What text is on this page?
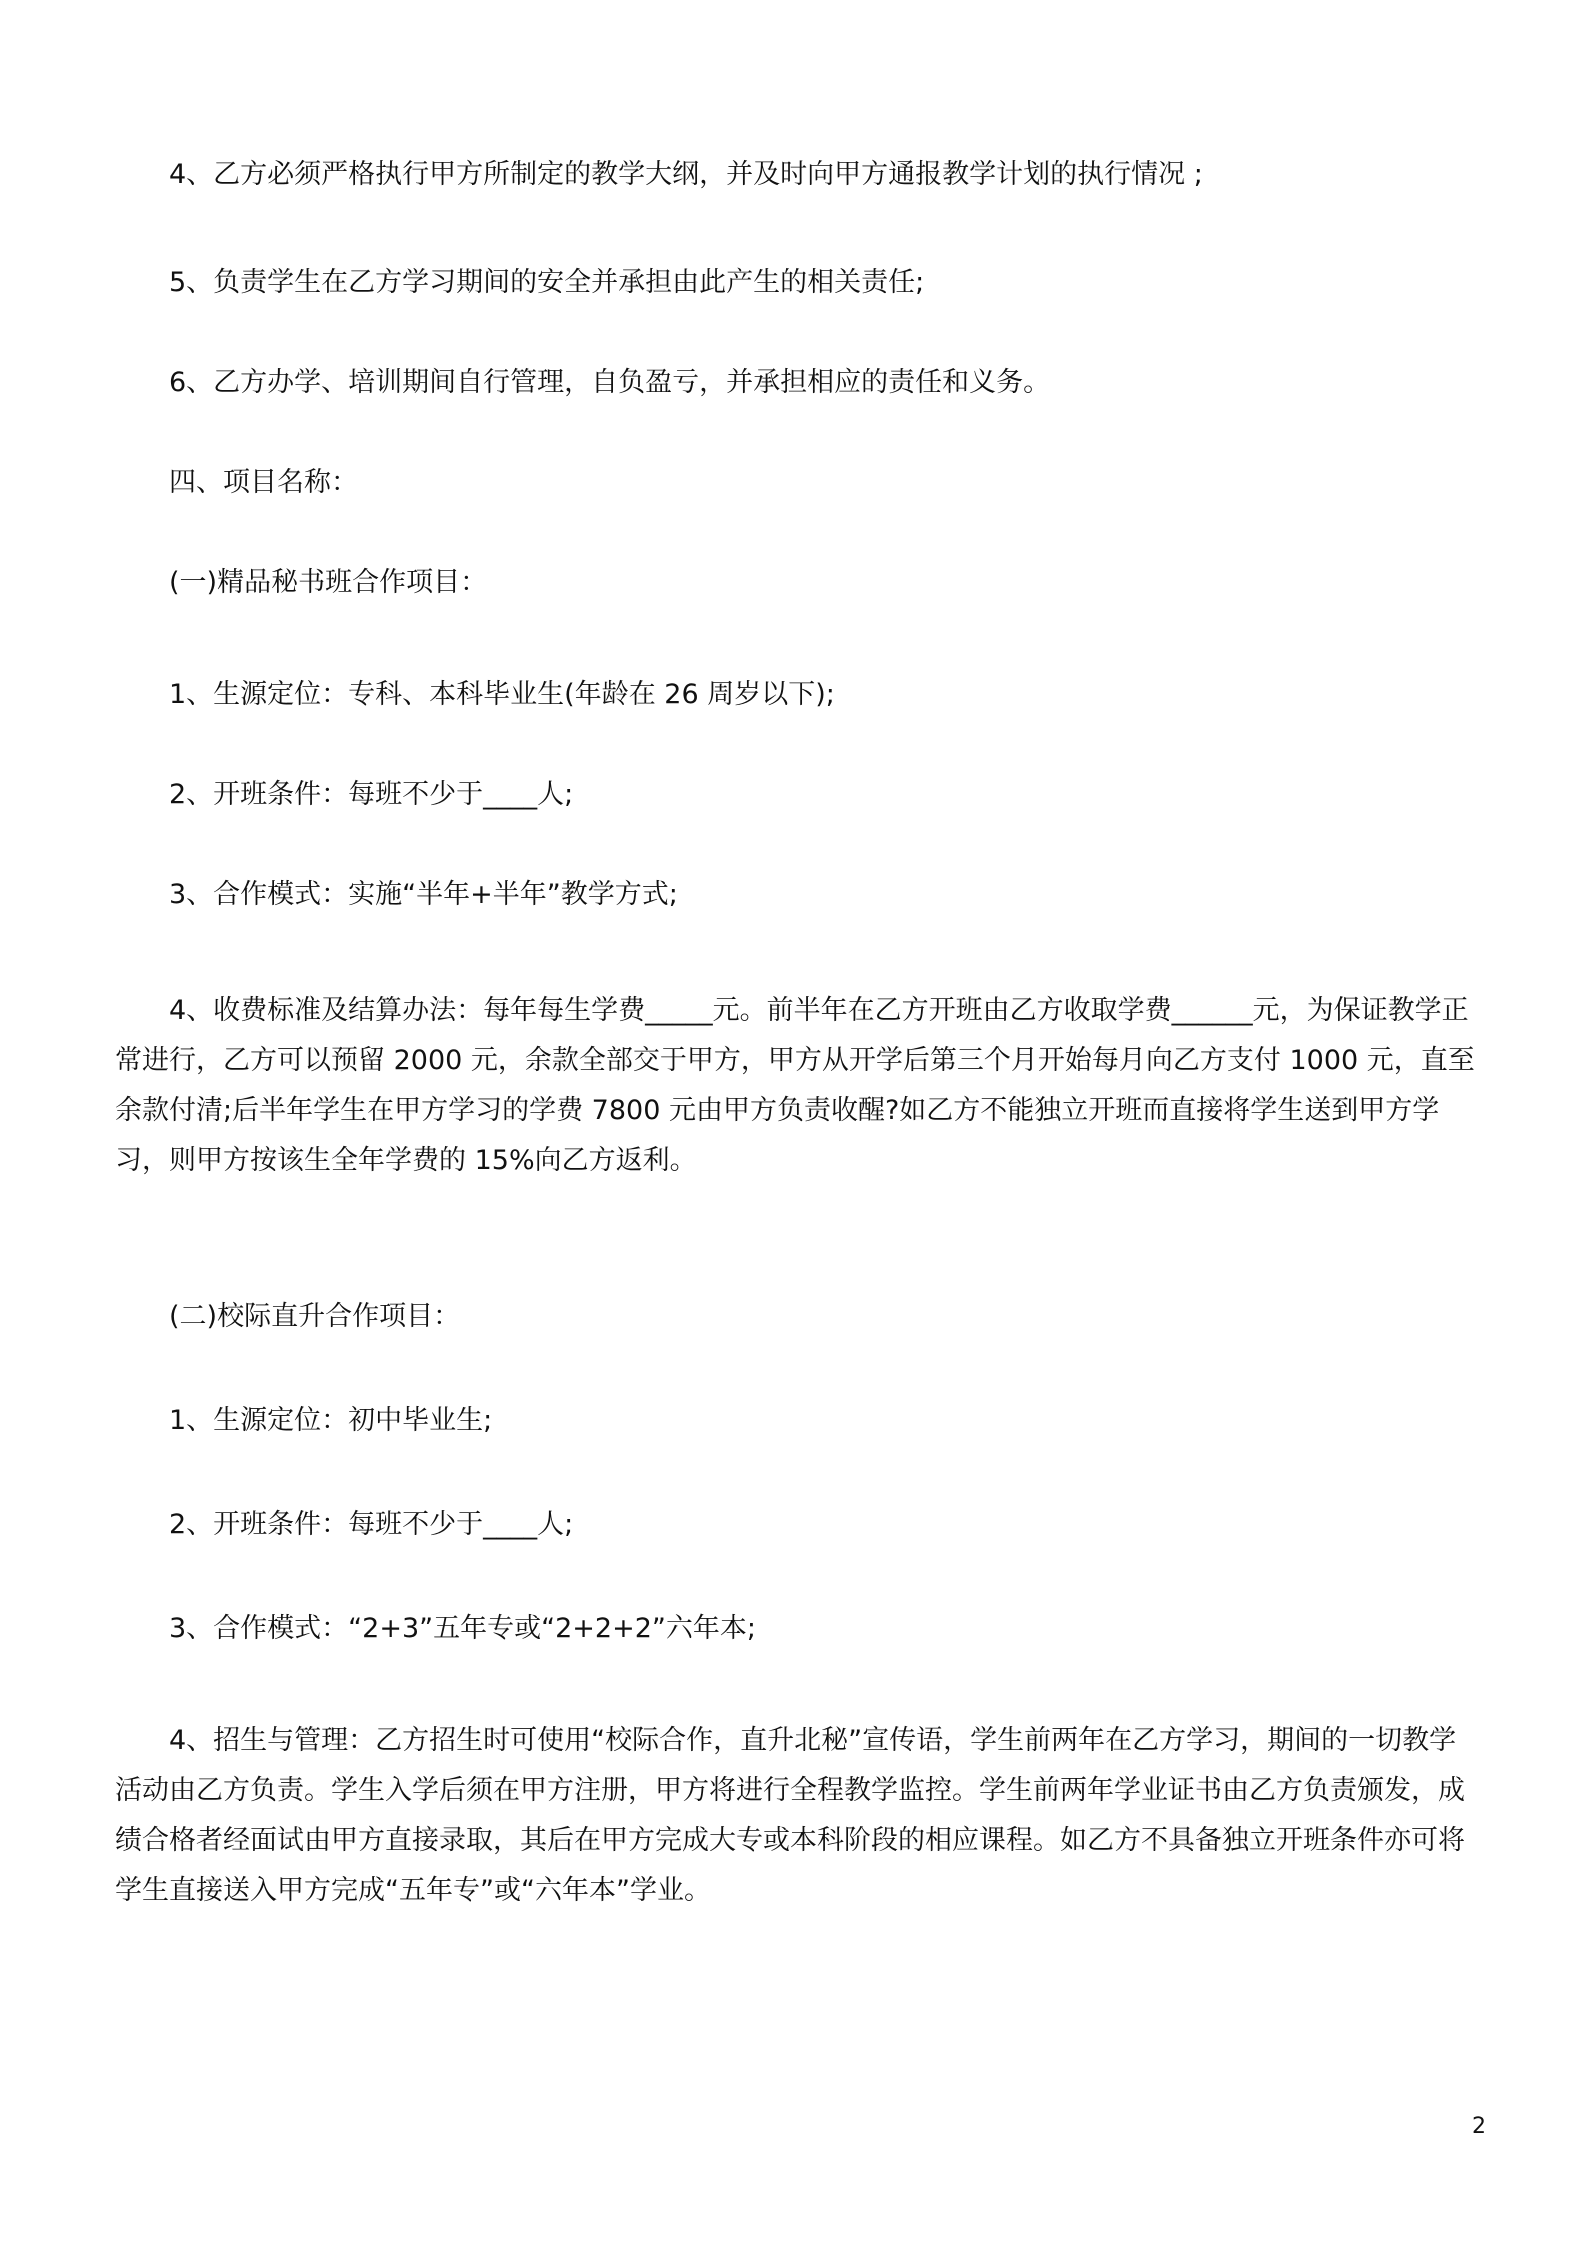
4、乙方必须严格执行甲方所制定的教学大纲，并及时向甲方通报教学计划的执行情况 ;

5、负责学生在乙方学习期间的安全并承担由此产生的相关责任;

6、乙方办学、培训期间自行管理，自负盈亏，并承担相应的责任和义务。

四、项目名称：

(一)精品秘书班合作项目：

1、生源定位：专科、本科毕业生(年龄在 26 周岁以下);

2、开班条件：每班不少于____人;

3、合作模式：实施“半年+半年”教学方式;

4、收费标准及结算办法：每年每生学费_____元。前半年在乙方开班由乙方收取学费______元，为保证教学正常进行，乙方可以预留 2000 元，余款全部交于甲方，甲方从开学后第三个月开始每月向乙方支付 1000 元，直至余款付清;后半年学生在甲方学习的学费 7800 元由甲方负责收醒?如乙方不能独立开班而直接将学生送到甲方学习，则甲方按该生全年学费的 15%向乙方返利。

(二)校际直升合作项目：

1、生源定位：初中毕业生;

2、开班条件：每班不少于____人;

3、合作模式：“2+3”五年专或“2+2+2”六年本;

4、招生与管理：乙方招生时可使用“校际合作，直升北秘”宣传语，学生前两年在乙方学习，期间的一切教学活动由乙方负责。学生入学后须在甲方注册，甲方将进行全程教学监控。学生前两年学业证书由乙方负责颁发，成绩合格者经面试由甲方直接录取，其后在甲方完成大专或本科阶段的相应课程。如乙方不具备独立开班条件亦可将学生直接送入甲方完成“五年专”或“六年本”学业。

2
